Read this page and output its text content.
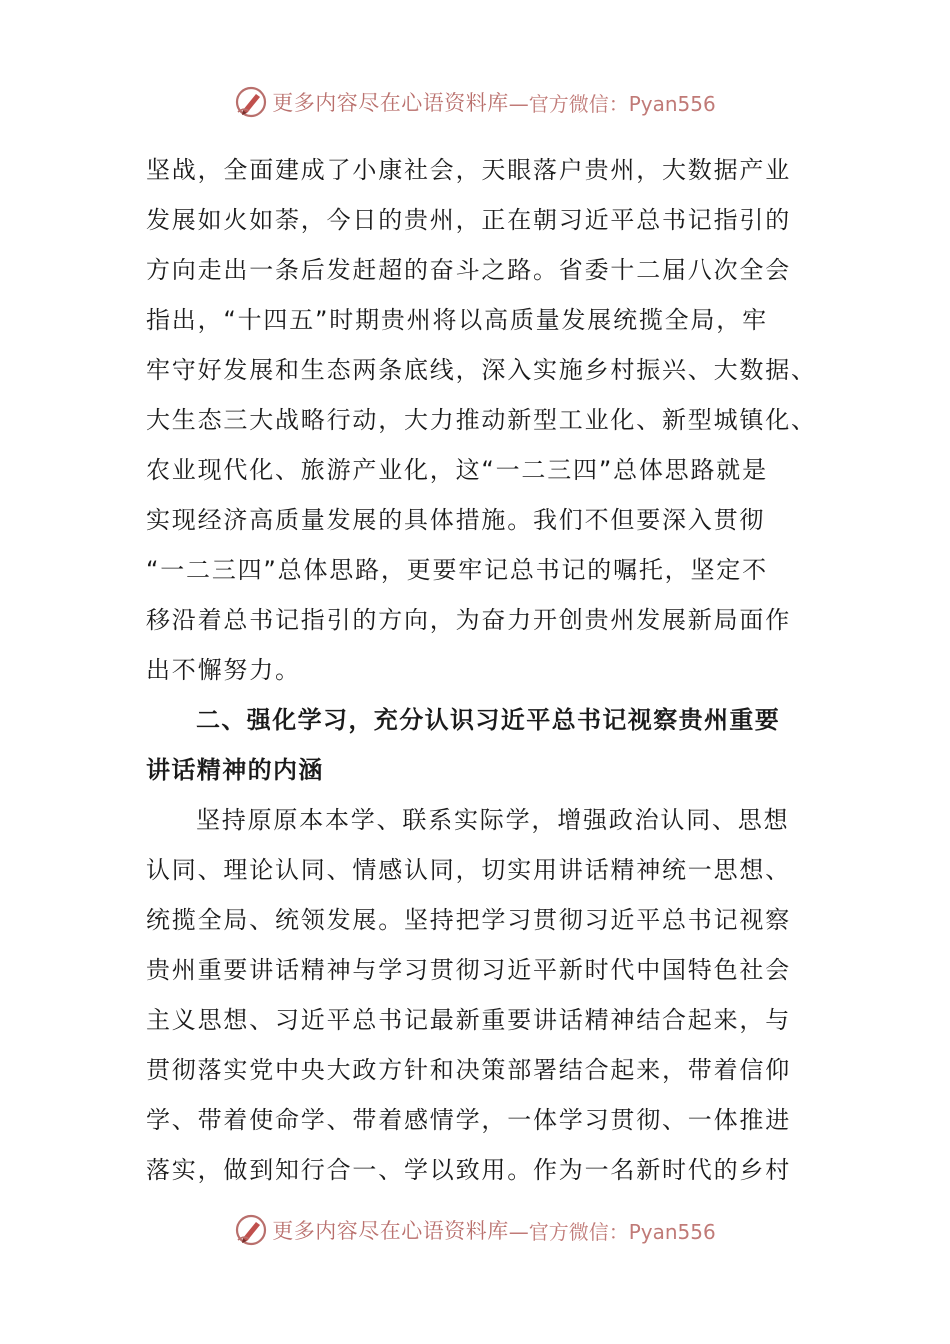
更多内容尽在心语资料库 —官方微信：Pyan556
坚战，全面建成了小康社会，天眼落户贵州，大数据产业
发展如火如荼，今日的贵州，正在朝习近平总书记指引的
方向走出一条后发赶超的奋斗之路。省委十二届八次全会
指出，“十四五”时期贵州将以高质量发展统揽全局，牢
牢守好发展和生态两条底线，深入实施乡村振兴、大数据、
大生态三大战略行动，大力推动新型工业化、新型城镇化、
农业现代化、旅游产业化，这“一二三四”总体思路就是
实现经济高质量发展的具体措施。我们不但要深入贯彻
“一二三四”总体思路，更要牢记总书记的嘱托，坚定不
移沿着总书记指引的方向，为奋力开创贵州发展新局面作
出不懈努力。
二、强化学习，充分认识习近平总书记视察贵州重要
讲话精神的内涵
坚持原原本本学、联系实际学，增强政治认同、思想
认同、理论认同、情感认同，切实用讲话精神统一思想、
统揽全局、统领发展。坚持把学习贯彻习近平总书记视察
贵州重要讲话精神与学习贯彻习近平新时代中国特色社会
主义思想、习近平总书记最新重要讲话精神结合起来，与
贯彻落实党中央大政方针和决策部署结合起来，带着信仰
学、带着使命学、带着感情学，一体学习贯彻、一体推进
落实，做到知行合一、学以致用。作为一名新时代的乡村
更多内容尽在心语资料库 —官方微信：Pyan556
